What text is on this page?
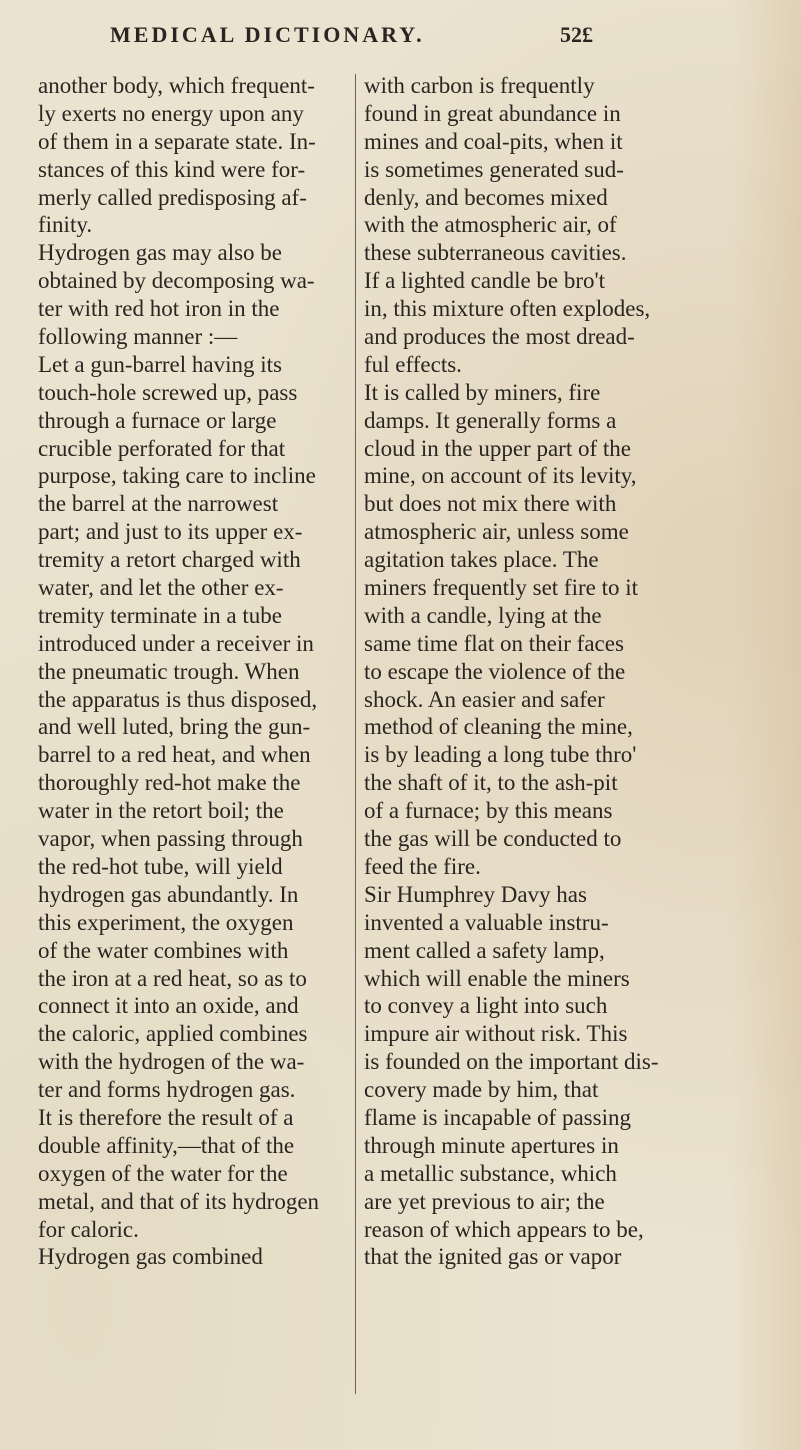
MEDICAL DICTIONARY.	52£
another body, which frequent-
ly exerts no energy upon any
of them in a separate state. In-
stances of this kind were for-
merly called predisposing af-
finity.
Hydrogen gas may also be
obtained by decomposing wa-
ter with red hot iron in the
following manner :—
Let a gun-barrel having its
touch-hole screwed up, pass
through a furnace or large
crucible perforated for that
purpose, taking care to incline
the barrel at the narrowest
part; and just to its upper ex-
tremity a retort charged with
water, and let the other ex-
tremity terminate in a tube
introduced under a receiver in
the pneumatic trough. When
the apparatus is thus disposed,
and well luted, bring the gun-
barrel to a red heat, and when
thoroughly red-hot make the
water in the retort boil; the
vapor, when passing through
the red-hot tube, will yield
hydrogen gas abundantly. In
this experiment, the oxygen
of the water combines with
the iron at a red heat, so as to
connect it into an oxide, and
the caloric, applied combines
with the hydrogen of the wa-
ter and forms hydrogen gas.
It is therefore the result of a
double affinity,—that of the
oxygen of the water for the
metal, and that of its hydrogen
for caloric.
Hydrogen gas combined
with carbon is frequently
found in great abundance in
mines and coal-pits, when it
is sometimes generated sud-
denly, and becomes mixed
with the atmospheric air, of
these subterraneous cavities.
If a lighted candle be bro't
in, this mixture often explodes,
and produces the most dread-
ful effects.
It is called by miners, fire
damps. It generally forms a
cloud in the upper part of the
mine, on account of its levity,
but does not mix there with
atmospheric air, unless some
agitation takes place. The
miners frequently set fire to it
with a candle, lying at the
same time flat on their faces
to escape the violence of the
shock. An easier and safer
method of cleaning the mine,
is by leading a long tube thro'
the shaft of it, to the ash-pit
of a furnace; by this means
the gas will be conducted to
feed the fire.
Sir Humphrey Davy has
invented a valuable instru-
ment called a safety lamp,
which will enable the miners
to convey a light into such
impure air without risk. This
is founded on the important dis-
covery made by him, that
flame is incapable of passing
through minute apertures in
a metallic substance, which
are yet previous to air; the
reason of which appears to be,
that the ignited gas or vapor
